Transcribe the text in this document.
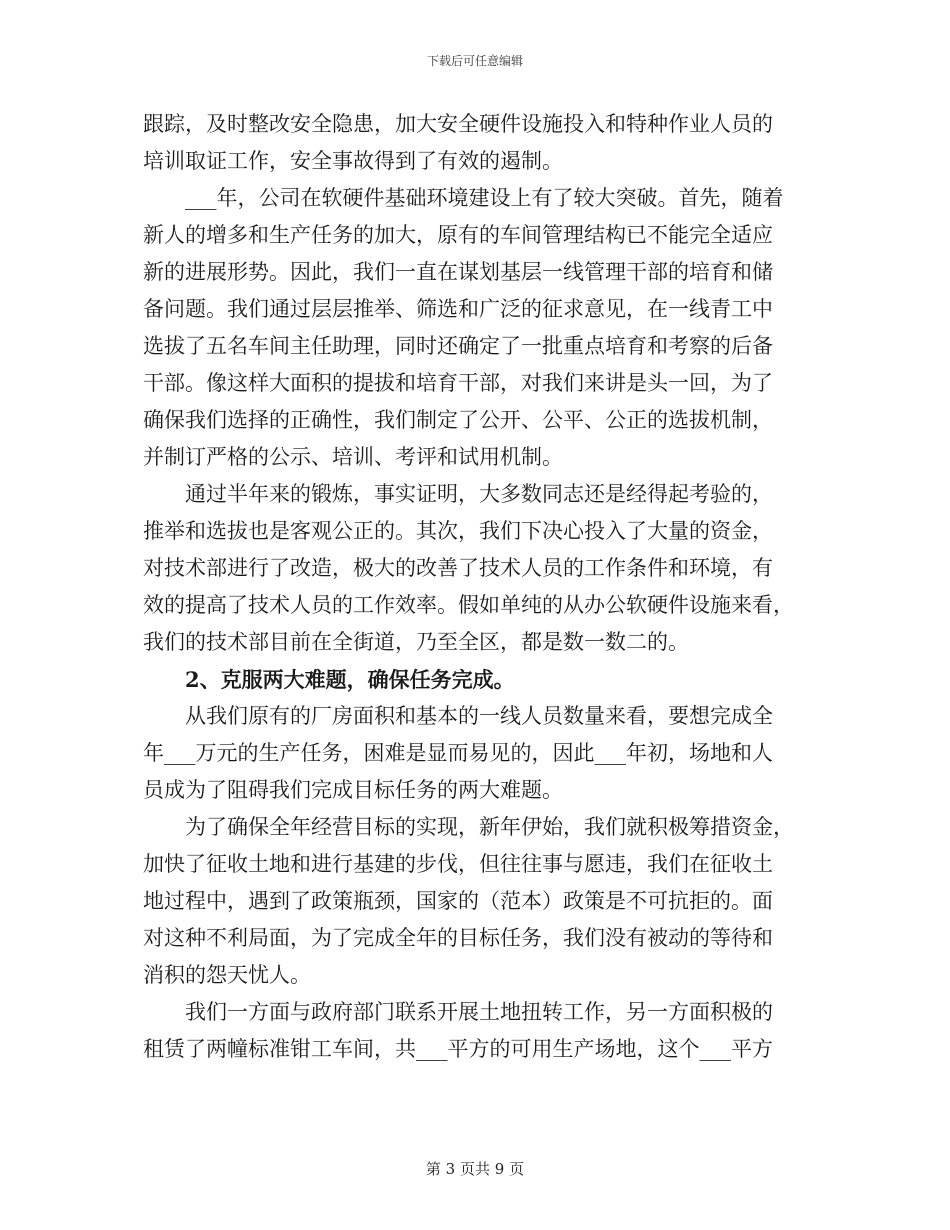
下载后可任意编辑
跟踪，及时整改安全隐患，加大安全硬件设施投入和特种作业人员的
培训取证工作，安全事故得到了有效的遏制。
___年，公司在软硬件基础环境建设上有了较大突破。首先，随着
新人的增多和生产任务的加大，原有的车间管理结构已不能完全适应
新的进展形势。因此，我们一直在谋划基层一线管理干部的培育和储
备问题。我们通过层层推举、筛选和广泛的征求意见，在一线青工中
选拔了五名车间主任助理，同时还确定了一批重点培育和考察的后备
干部。像这样大面积的提拔和培育干部，对我们来讲是头一回，为了
确保我们选择的正确性，我们制定了公开、公平、公正的选拔机制，
并制订严格的公示、培训、考评和试用机制。
通过半年来的锻炼，事实证明，大多数同志还是经得起考验的，
推举和选拔也是客观公正的。其次，我们下决心投入了大量的资金，
对技术部进行了改造，极大的改善了技术人员的工作条件和环境，有
效的提高了技术人员的工作效率。假如单纯的从办公软硬件设施来看，
我们的技术部目前在全街道，乃至全区，都是数一数二的。
2、克服两大难题，确保任务完成。
从我们原有的厂房面积和基本的一线人员数量来看，要想完成全
年___万元的生产任务，困难是显而易见的，因此___年初，场地和人
员成为了阻碍我们完成目标任务的两大难题。
为了确保全年经营目标的实现，新年伊始，我们就积极筹措资金，
加快了征收土地和进行基建的步伐，但往往事与愿违，我们在征收土
地过程中，遇到了政策瓶颈，国家的（范本）政策是不可抗拒的。面
对这种不利局面，为了完成全年的目标任务，我们没有被动的等待和
消积的怨天忧人。
我们一方面与政府部门联系开展土地扭转工作，另一方面积极的
租赁了两幢标准钳工车间，共___平方的可用生产场地，这个___平方
第 3 页共 9 页
